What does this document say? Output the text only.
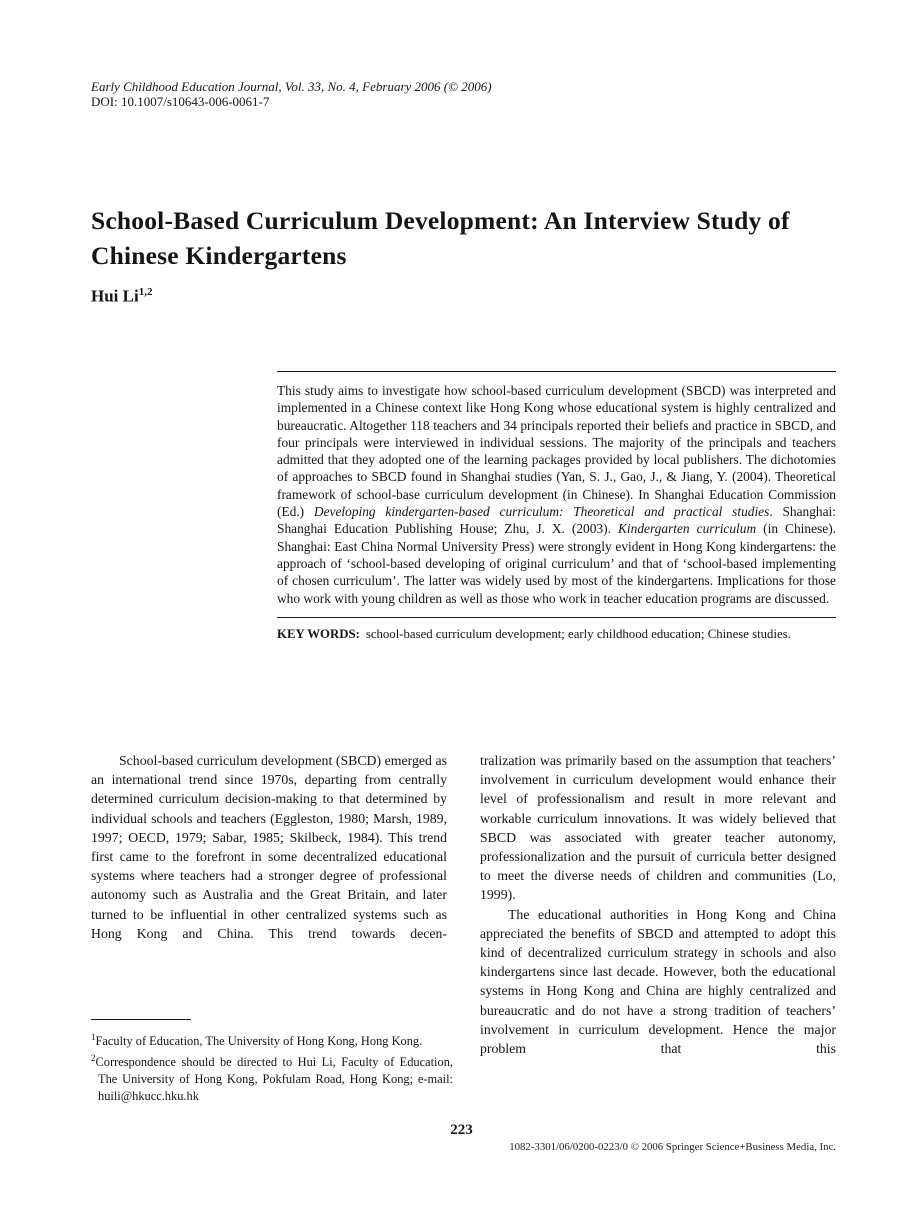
Early Childhood Education Journal, Vol. 33, No. 4, February 2006 (© 2006)
DOI: 10.1007/s10643-006-0061-7
School-Based Curriculum Development: An Interview Study of Chinese Kindergartens
Hui Li$^{1,2}$

This study aims to investigate how school-based curriculum development (SBCD) was interpreted and implemented in a Chinese context like Hong Kong whose educational system is highly centralized and bureaucratic. Altogether 118 teachers and 34 principals reported their beliefs and practice in SBCD, and four principals were interviewed in individual sessions. The majority of the principals and teachers admitted that they adopted one of the learning packages provided by local publishers. The dichotomies of approaches to SBCD found in Shanghai studies (Yan, S. J., Gao, J., & Jiang, Y. (2004). Theoretical framework of school-base curriculum development (in Chinese). In Shanghai Education Commission (Ed.) Developing kindergarten-based curriculum: Theoretical and practical studies. Shanghai: Shanghai Education Publishing House; Zhu, J. X. (2003). Kindergarten curriculum (in Chinese). Shanghai: East China Normal University Press) were strongly evident in Hong Kong kindergartens: the approach of ‘school-based developing of original curriculum’ and that of ‘school-based implementing of chosen curriculum’. The latter was widely used by most of the kindergartens. Implications for those who work with young children as well as those who work in teacher education programs are discussed.

KEY WORDS: school-based curriculum development; early childhood education; Chinese studies.

School-based curriculum development (SBCD) emerged as an international trend since 1970s, departing from centrally determined curriculum decision-making to that determined by individual schools and teachers (Eggleston, 1980; Marsh, 1989, 1997; OECD, 1979; Sabar, 1985; Skilbeck, 1984). This trend first came to the forefront in some decentralized educational systems where teachers had a stronger degree of professional autonomy such as Australia and the Great Britain, and later turned to be influential in other centralized systems such as Hong Kong and China. This trend towards decen-

tralization was primarily based on the assumption that teachers’ involvement in curriculum development would enhance their level of professionalism and result in more relevant and workable curriculum innovations. It was widely believed that SBCD was associated with greater teacher autonomy, professionalization and the pursuit of curricula better designed to meet the diverse needs of children and communities (Lo, 1999).

The educational authorities in Hong Kong and China appreciated the benefits of SBCD and attempted to adopt this kind of decentralized curriculum strategy in schools and also kindergartens since last decade. However, both the educational systems in Hong Kong and China are highly centralized and bureaucratic and do not have a strong tradition of teachers’ involvement in curriculum development. Hence the major problem that this

$^1$Faculty of Education, The University of Hong Kong, Hong Kong.

$^2$Correspondence should be directed to Hui Li, Faculty of Education, The University of Hong Kong, Pokfulam Road, Hong Kong; e-mail: huili@hkucc.hku.hk

223
1082-3301/06/0200-0223/0 © 2006 Springer Science+Business Media, Inc.
